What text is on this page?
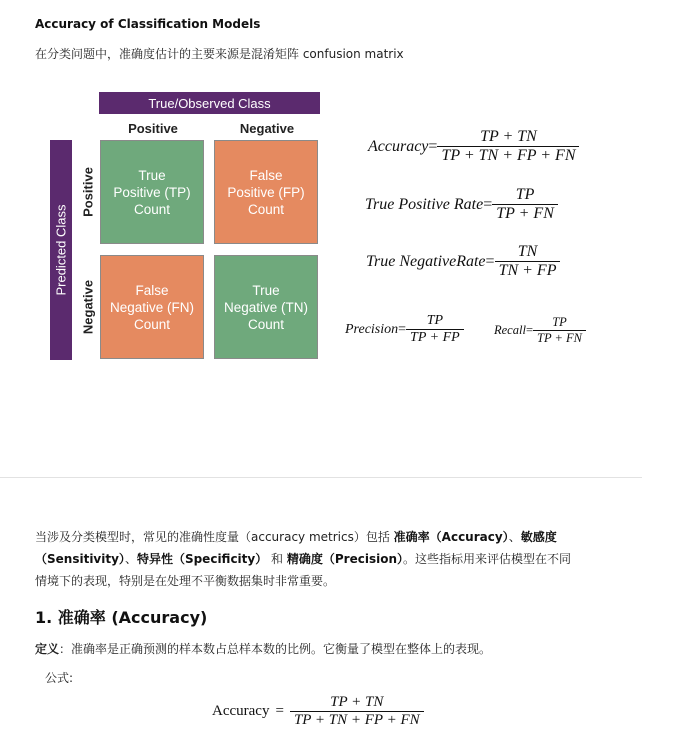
Accuracy of Classification Models
在分类问题中，准确度估计的主要来源是混淆矩阵 confusion matrix
True/Observed Class
Positive	Negative
Predicted Class
Positive
Negative
True
Positive (TP)
Count
False
Positive (FP)
Count
False
Negative (FN)
Count
True
Negative (TN)
Count
Accuracy = $\frac{TP + TN}{TP + TN + FP + FN}$
True Positive Rate = $\frac{TP}{TP + FN}$
True NegativeRate = $\frac{TN}{TN + FP}$
Precision = $\frac{TP}{TP + FP}$ Recall = $\frac{TP}{TP + FN}$
当涉及分类模型时，常见的准确性度量（accuracy metrics）包括 准确率（Accuracy）、敏感度
（Sensitivity）、特异性（Specificity） 和 精确度（Precision）。这些指标用来评估模型在不同
情境下的表现，特别是在处理不平衡数据集时非常重要。
1. 准确率 (Accuracy)
定义：准确率是正确预测的样本数占总样本数的比例。它衡量了模型在整体上的表现。
公式:
Accuracy = $\frac{TP + TN}{TP + TN + FP + FN}$
